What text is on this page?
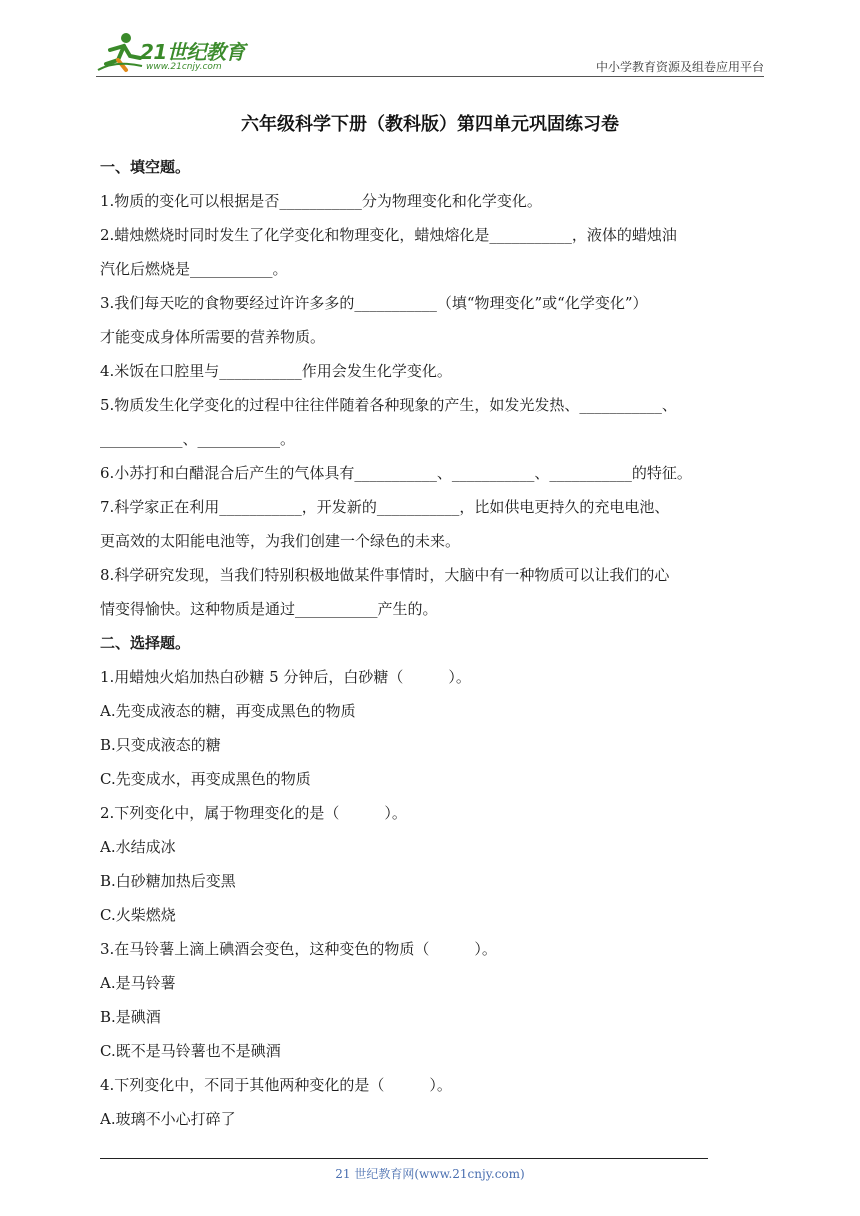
21世纪教育
www.21cnjy.com	中小学教育资源及组卷应用平台
六年级科学下册（教科版）第四单元巩固练习卷
一、填空题。
1.物质的变化可以根据是否___________分为物理变化和化学变化。
2.蜡烛燃烧时同时发生了化学变化和物理变化，蜡烛熔化是___________，液体的蜡烛油
汽化后燃烧是___________。
3.我们每天吃的食物要经过许许多多的___________（填“物理变化”或“化学变化”）
才能变成身体所需要的营养物质。
4.米饭在口腔里与___________作用会发生化学变化。
5.物质发生化学变化的过程中往往伴随着各种现象的产生，如发光发热、___________、
___________、___________。
6.小苏打和白醋混合后产生的气体具有___________、___________、___________的特征。
7.科学家正在利用___________，开发新的___________，比如供电更持久的充电电池、
更高效的太阳能电池等，为我们创建一个绿色的未来。
8.科学研究发现，当我们特别积极地做某件事情时，大脑中有一种物质可以让我们的心
情变得愉快。这种物质是通过___________产生的。
二、选择题。
1.用蜡烛火焰加热白砂糖 5 分钟后，白砂糖（　　　）。
A.先变成液态的糖，再变成黑色的物质
B.只变成液态的糖
C.先变成水，再变成黑色的物质
2.下列变化中，属于物理变化的是（　　　）。
A.水结成冰
B.白砂糖加热后变黑
C.火柴燃烧
3.在马铃薯上滴上碘酒会变色，这种变色的物质（　　　）。
A.是马铃薯
B.是碘酒
C.既不是马铃薯也不是碘酒
4.下列变化中，不同于其他两种变化的是（　　　）。
A.玻璃不小心打碎了
21 世纪教育网(www.21cnjy.com)
